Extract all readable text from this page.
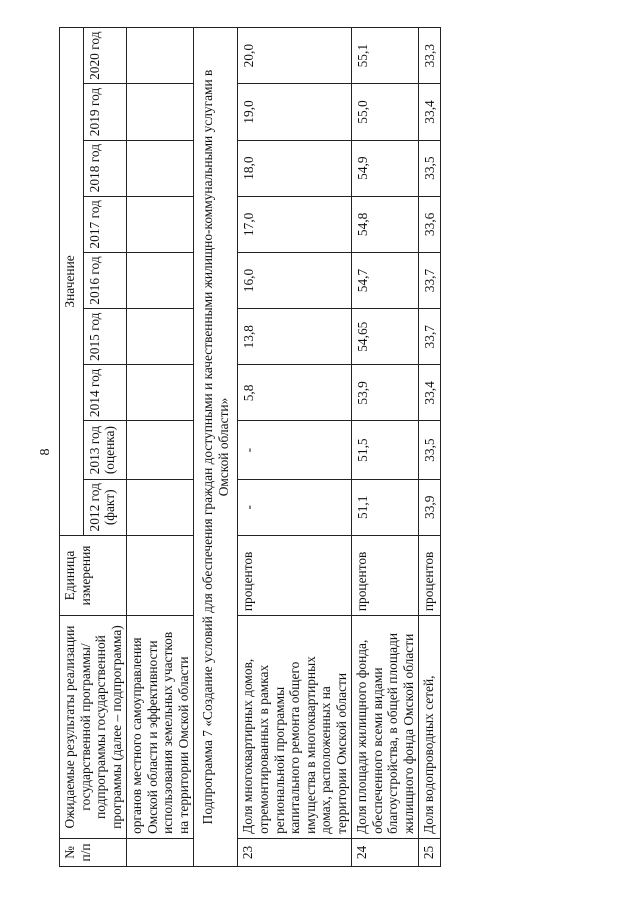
8
№ п/п	Ожидаемые результаты реализации государственной программы/подпрограммы государственной программы (далее – подпрограмма)	Единица измерения	Значение								
			2012 год (факт)	2013 год (оценка)	2014 год	2015 год	2016 год	2017 год	2018 год	2019 год	2020 год
	органов местного самоуправления Омской области и эффективности использования земельных участков на территории Омской области										
Подпрограмма 7 «Создание условий для обеспечения граждан доступными и качественными жилищно-коммунальными услугами в Омской области»											
23	Доля многоквартирных домов, отремонтированных в рамках региональной программы капитального ремонта общего имущества в многоквартирных домах, расположенных на территории Омской области	процентов	-	-	5,8	13,8	16,0	17,0	18,0	19,0	20,0
24	Доля площади жилищного фонда, обеспеченного всеми видами благоустройства, в общей площади жилищного фонда Омской области	процентов	51,1	51,5	53,9	54,65	54,7	54,8	54,9	55,0	55,1
25	Доля водопроводных сетей,	процентов	33,9	33,5	33,4	33,7	33,7	33,6	33,5	33,4	33,3
